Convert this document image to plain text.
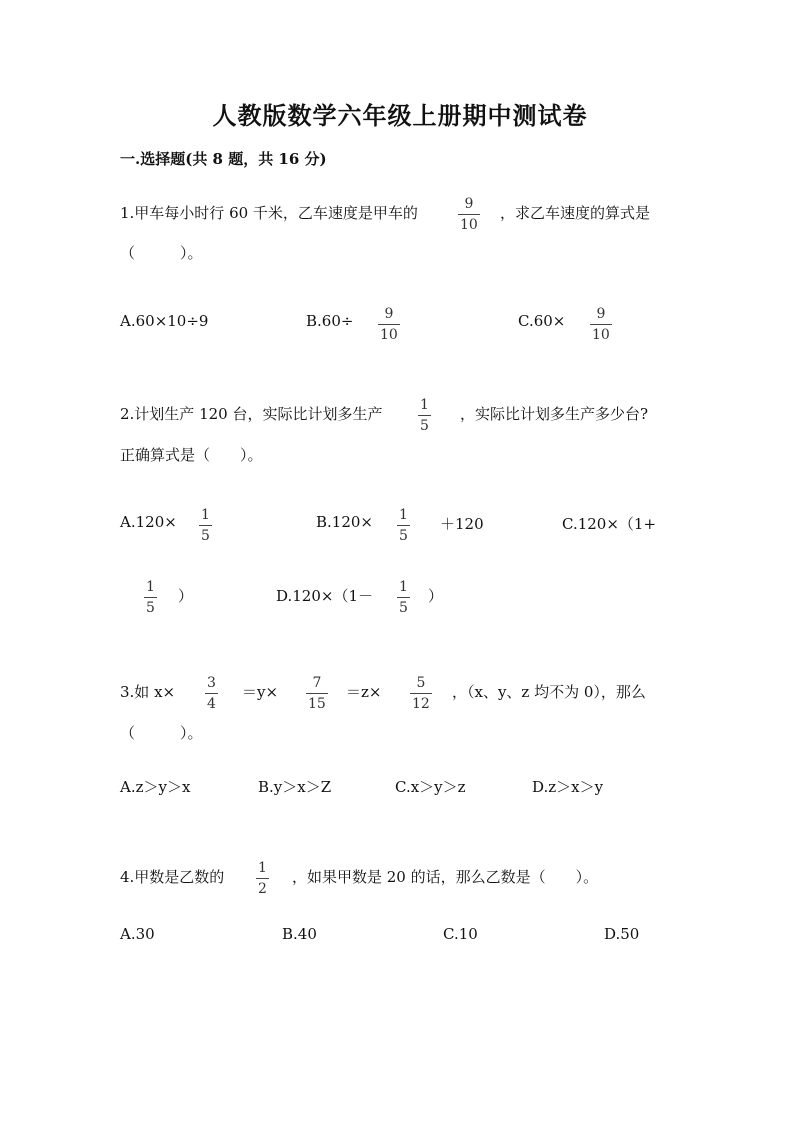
人教版数学六年级上册期中测试卷
一.选择题(共 8 题，共 16 分)
1.甲车每小时行 60 千米，乙车速度是甲车的	9
10
，求乙车速度的算式是
（　　　）。
A.60×10÷9	B.60÷ 9
10
C.60× 9
10
2.计划生产 120 台，实际比计划多生产	1
5
，实际比计划多生产多少台?
正确算式是（　　）。
A.120× 1
5
B.120× 1
5
＋120	C.120×（1+
1
5
）	D.120×（1－ 1
5
）
3.如 x× 3
4
＝y× 7
15
＝z× 5
12
，（x、y、z 均不为 0），那么
（　　　）。
A.z＞y＞x	B.y＞x＞Z	C.x＞y＞z	D.z＞x＞y
4.甲数是乙数的 1
2
，如果甲数是 20 的话，那么乙数是（　　）。
A.30	B.40	C.10	D.50
